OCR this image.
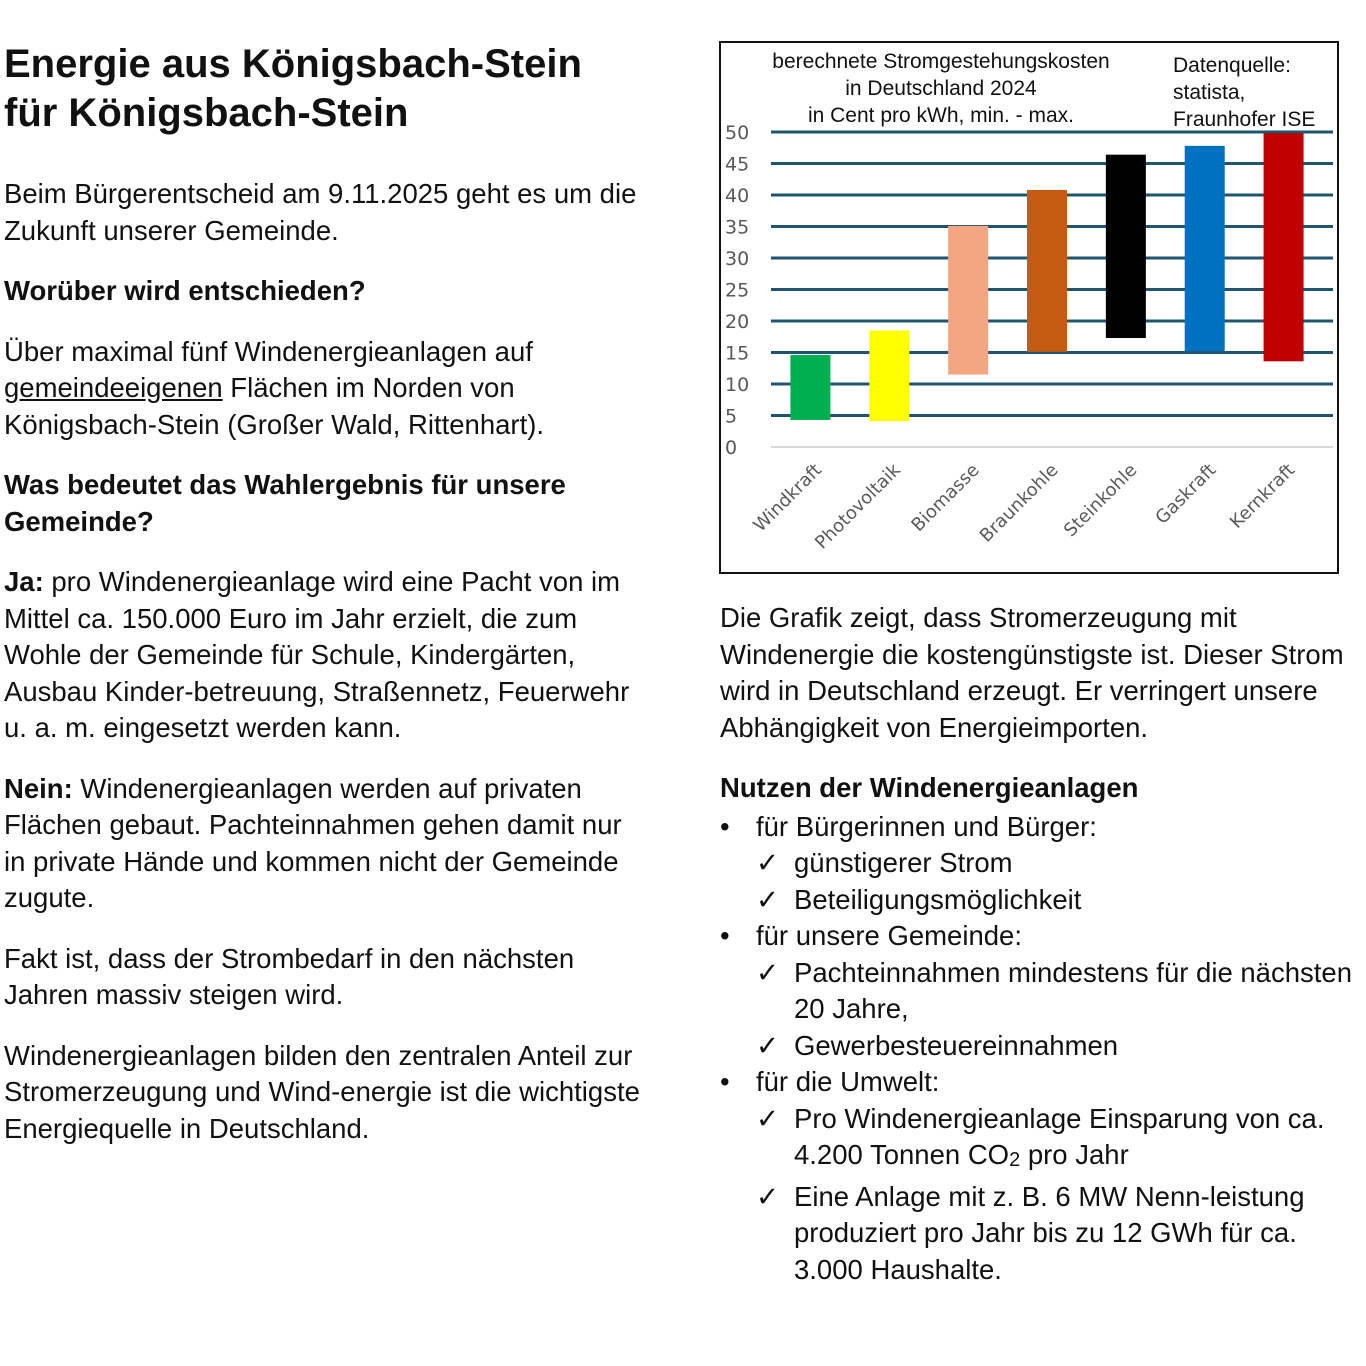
Energie aus Königsbach-Stein für Königsbach-Stein

Beim Bürgerentscheid am 9.11.2025 geht es um die Zukunft unserer Gemeinde.

Worüber wird entschieden?

Über maximal fünf Windenergieanlagen auf gemeindeeigenen Flächen im Norden von Königsbach-Stein (Großer Wald, Rittenhart).

Was bedeutet das Wahlergebnis für unsere Gemeinde?

Ja: pro Windenergieanlage wird eine Pacht von im Mittel ca. 150.000 Euro im Jahr erzielt, die zum Wohle der Gemeinde für Schule, Kindergärten, Ausbau Kinder-betreuung, Straßennetz, Feuerwehr u. a. m. eingesetzt werden kann.

Nein: Windenergieanlagen werden auf privaten Flächen gebaut. Pachteinnahmen gehen damit nur in private Hände und kommen nicht der Gemeinde zugute.

Fakt ist, dass der Strombedarf in den nächsten Jahren massiv steigen wird.

Windenergieanlagen bilden den zentralen Anteil zur Stromerzeugung und Wind-energie ist die wichtigste Energiequelle in Deutschland.

berechnete Stromgestehungskosten
in Deutschland 2024
in Cent pro kWh, min. - max.
Datenquelle:
statista,
Fraunhofer ISE
0
5
10
15
20
25
30
35
40
45
50
Windkraft
Photovoltaik Biomasse
Braunkohle
Steinkohle Gaskraft Kernkraft

Die Grafik zeigt, dass Stromerzeugung mit Windenergie die kostengünstigste ist. Dieser Strom wird in Deutschland erzeugt. Er verringert unsere Abhängigkeit von Energieimporten.

Nutzen der Windenergieanlagen
• für Bürgerinnen und Bürger:
✓ günstigerer Strom
✓ Beteiligungsmöglichkeit
• für unsere Gemeinde:
✓ Pachteinnahmen mindestens für die nächsten 20 Jahre,
✓ Gewerbesteuereinnahmen
• für die Umwelt:
✓ Pro Windenergieanlage Einsparung von ca. 4.200 Tonnen $CO_2$ pro Jahr
✓ Eine Anlage mit z. B. 6 MW Nenn-leistung produziert pro Jahr bis zu 12 GWh für ca. 3.000 Haushalte.
